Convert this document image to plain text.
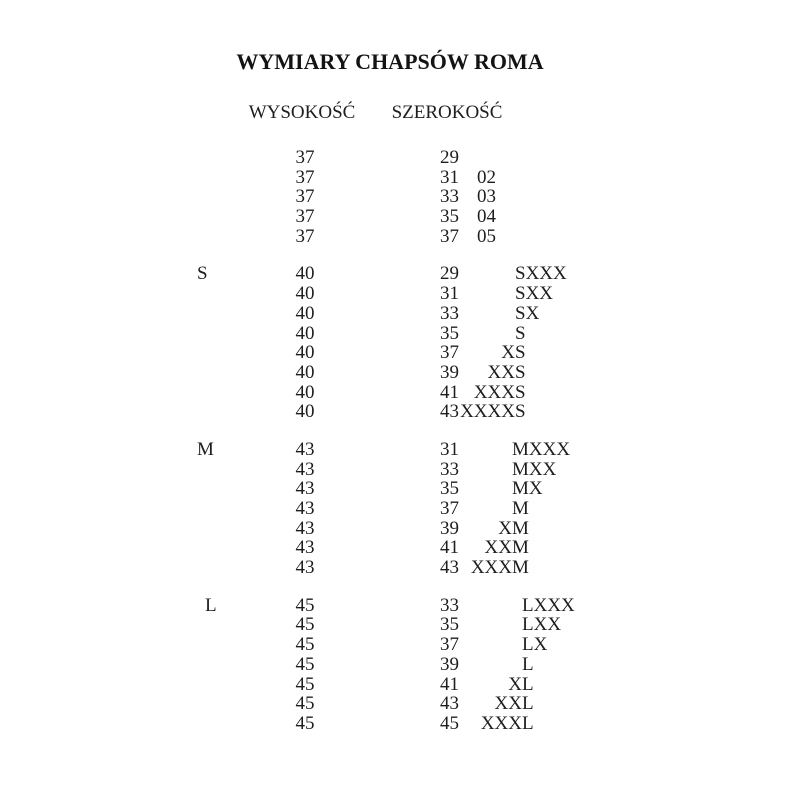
WYMIARY CHAPSÓW ROMA
WYSOKOŚĆ SZEROKOŚĆ
37	29
37	31 02
37	33 03
37	35 04
37	37 05
S	40	29	SXXX
40	31	SXX
40	33	SX
40	35	S
40	37 X S
40	39 XX S
40	41 XXX S
40	43 XXXX S
M	43	31	MXXX
43	33	MXX
43	35	MX
43	37	M
43	39 X M
43	41 XX M
43	43 XXX M
L	45	33	LXXX
45	35	LXX
45	37	LX
45	39	L
45	41	X L
45	43 XX L
45	45 XXX L
